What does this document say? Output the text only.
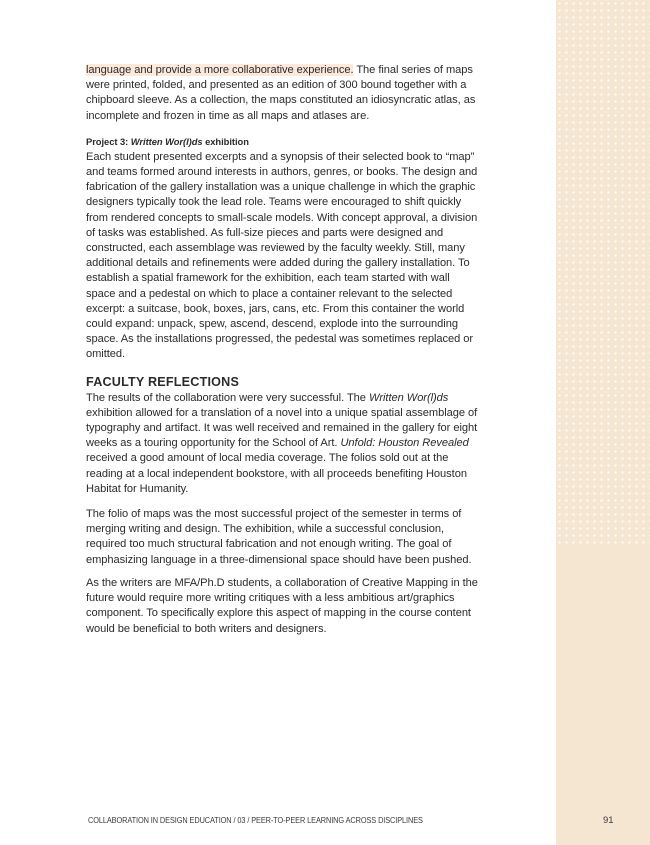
language and provide a more collaborative experience. The final series of maps were printed, folded, and presented as an edition of 300 bound together with a chipboard sleeve. As a collection, the maps constituted an idiosyncratic atlas, as incomplete and frozen in time as all maps and atlases are.

Project 3: Written Wor(l)ds exhibition

Each student presented excerpts and a synopsis of their selected book to “map” and teams formed around interests in authors, genres, or books. The design and fabrication of the gallery installation was a unique challenge in which the graphic designers typically took the lead role. Teams were encouraged to shift quickly from rendered concepts to small-scale models. With concept approval, a division of tasks was established. As full-size pieces and parts were designed and constructed, each assemblage was reviewed by the faculty weekly. Still, many additional details and refinements were added during the gallery installation. To establish a spatial framework for the exhibition, each team started with wall space and a pedestal on which to place a container relevant to the selected excerpt: a suitcase, book, boxes, jars, cans, etc. From this container the world could expand: unpack, spew, ascend, descend, explode into the surrounding space. As the installations progressed, the pedestal was sometimes replaced or omitted.

FACULTY REFLECTIONS

The results of the collaboration were very successful. The Written Wor(l)ds exhibition allowed for a translation of a novel into a unique spatial assemblage of typography and artifact. It was well received and remained in the gallery for eight weeks as a touring opportunity for the School of Art. Unfold: Houston Revealed received a good amount of local media coverage. The folios sold out at the reading at a local independent bookstore, with all proceeds benefiting Houston Habitat for Humanity.

The folio of maps was the most successful project of the semester in terms of merging writing and design. The exhibition, while a successful conclusion, required too much structural fabrication and not enough writing. The goal of emphasizing language in a three-dimensional space should have been pushed.

As the writers are MFA/Ph.D students, a collaboration of Creative Mapping in the future would require more writing critiques with a less ambitious art/graphics component. To specifically explore this aspect of mapping in the course content would be beneficial to both writers and designers.

COLLABORATION IN DESIGN EDUCATION / 03 / PEER-TO-PEER LEARNING ACROSS DISCIPLINES	91
